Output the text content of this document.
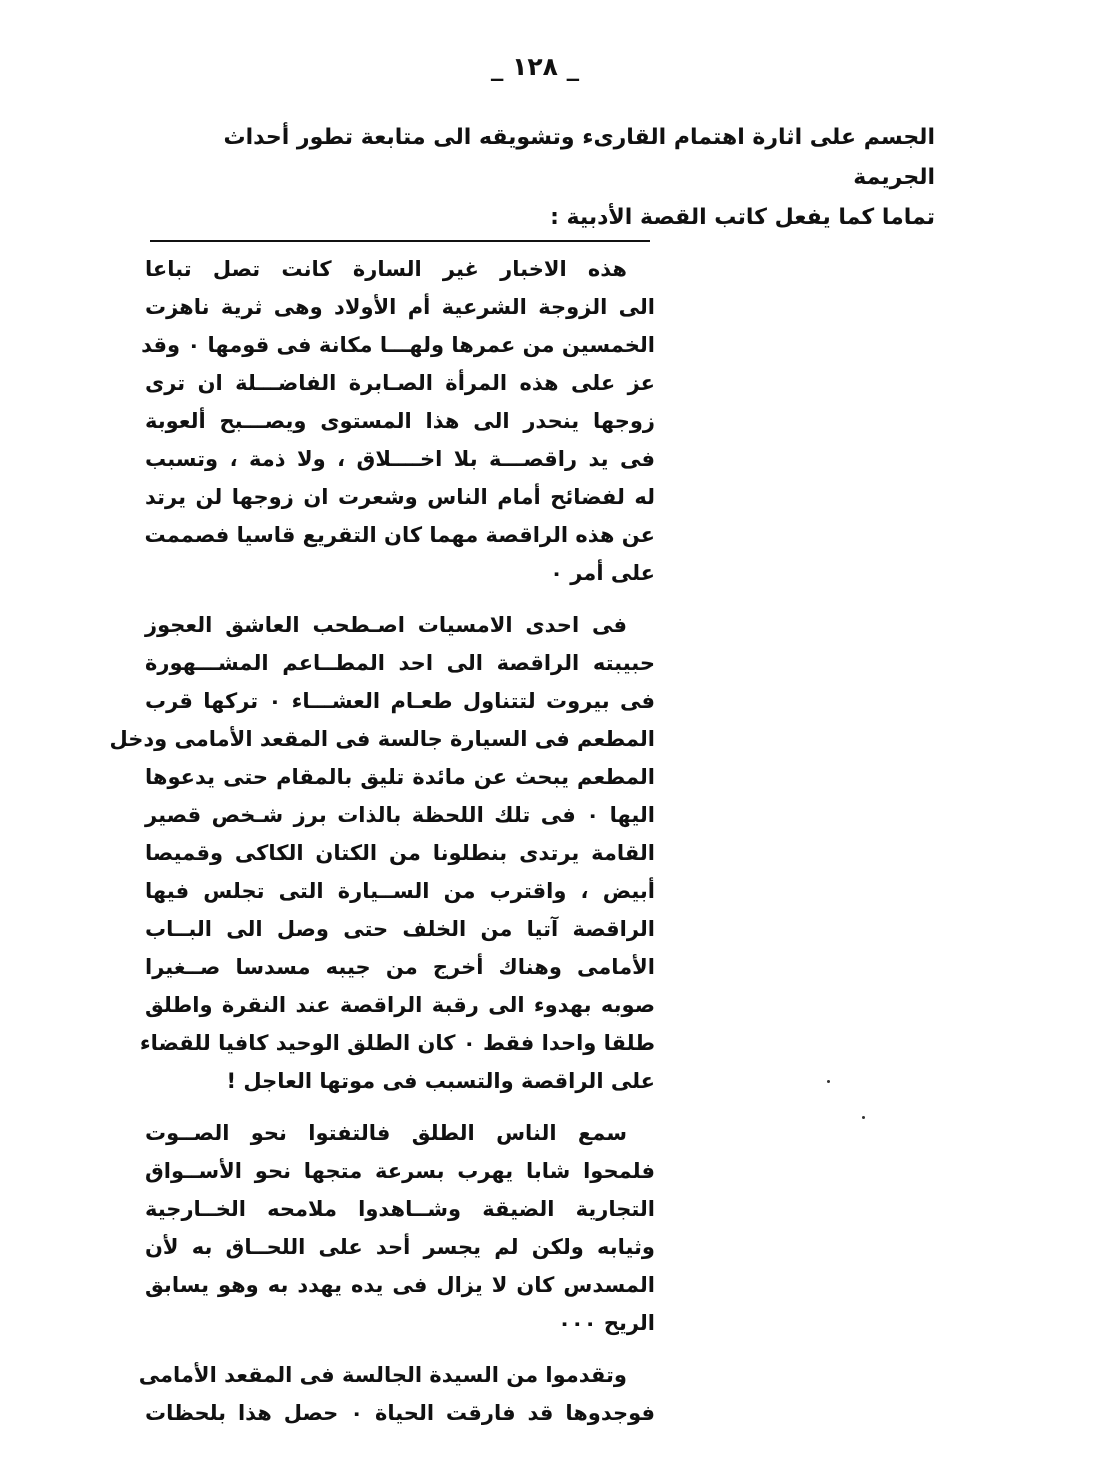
_ ١٢٨ _

الجسم على اثارة اهتمام القارىء وتشويقه الى متابعة تطور أحداث الجريمة

تماما كما يفعل كاتب القصة الأدبية :

هذه الاخبار غير السارة كانت تصل تباعا
الى الزوجة الشرعية أم الأولاد وهى ثرية ناهزت
الخمسين من عمرها ولهـــا مكانة فى قومها ٠ وقد
عز على هذه المرأة الصـابرة الفاضـــلة ان ترى
زوجها ينحدر الى هذا المستوى ويصـــبح ألعوبة
فى يد راقصـــة بلا اخــــلاق ، ولا ذمة ، وتسبب
له لفضائح أمام الناس وشعرت ان زوجها لن يرتد
عن هذه الراقصة مهما كان التقريع قاسيا فصممت
على أمر ٠
فى احدى الامسيات اصـطحب العاشق العجوز
حبيبته الراقصة الى احد المطــاعم المشـــهورة
فى بيروت لتتناول طعـام العشـــاء ٠ تركها قرب
المطعم فى السيارة جالسة فى المقعد الأمامى ودخل
المطعم يبحث عن مائدة تليق بالمقام حتى يدعوها
اليها ٠ فى تلك اللحظة بالذات برز شـخص قصير
القامة يرتدى بنطلونا من الكتان الكاكى وقميصا
أبيض ، واقترب من الســيارة التى تجلس فيها
الراقصة آتيا من الخلف حتى وصل الى البــاب
الأمامى وهناك أخرج من جيبه مسدسا صــغيرا
صوبه بهدوء الى رقبة الراقصة عند النقرة واطلق
طلقا واحدا فقط ٠ كان الطلق الوحيد كافيا للقضاء
على الراقصة والتسبب فى موتها العاجل !
سمع الناس الطلق فالتفتوا نحو الصــوت
فلمحوا شابا يهرب بسرعة متجها نحو الأســواق
التجارية الضيقة وشــاهدوا ملامحه الخــارجية
وثيابه ولكن لم يجسر أحد على اللحــاق به لأن
المسدس كان لا يزال فى يده يهدد به وهو يسابق
الريح ٠٠٠
وتقدموا من السيدة الجالسة فى المقعد الأمامى
فوجدوها قد فارقت الحياة ٠ حصل هذا بلحظات
